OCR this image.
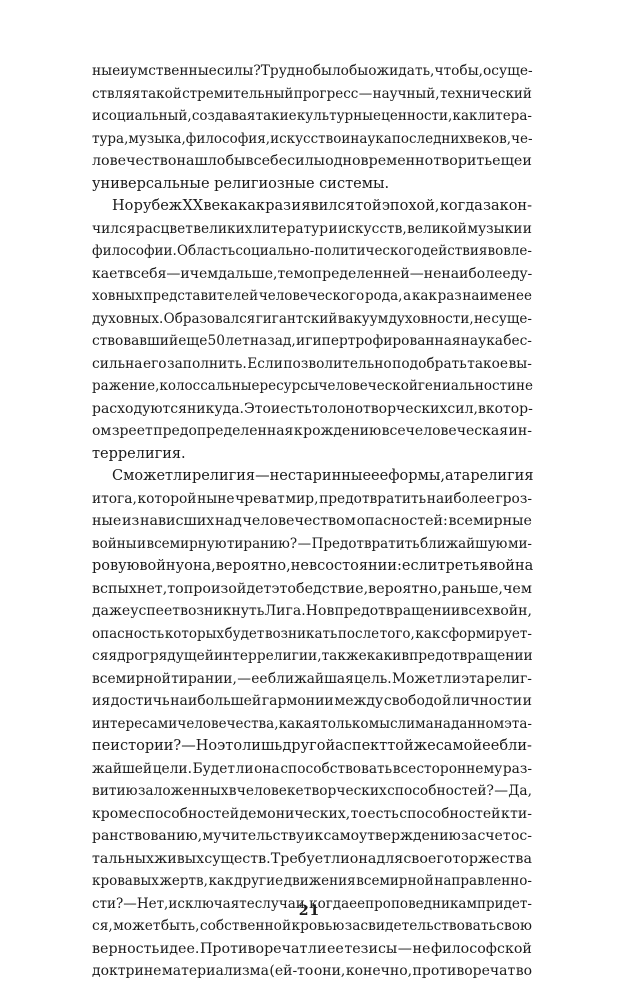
ные и умственные силы? Трудно было бы ожидать, чтобы, осуще-
ствляя такой стремительный прогресс — научный, технический
и социальный, создавая такие культурные ценности, как литера-
тура, музыка, философия, искусство и наука последних веков, че-
ловечество нашло бы в себе силы одновременно творить еще и
универсальные религиозные системы.
Но рубеж XX века как раз и явился той эпохой, когда закон-
чился расцвет великих литератур и искусств, великой музыки и
философии. Область социально-политического действия вовле-
кает в себя — и чем дальше, тем определенней — не наиболее ду-
ховных представителей человеческого рода, а как раз наименее
духовных. Образовался гигантский вакуум духовности, не суще-
ствовавший еще 50 лет назад, и гипертрофированная наука бес-
сильна его заполнить. Если позволительно подобрать такое вы-
ражение, колоссальные ресурсы человеческой гениальности не
расходуются никуда. Это и есть то лоно творческих сил, в котор-
ом зреет предопределенная к рождению всечеловеческая ин-
террелигия.
Сможет ли религия — не старинные ее формы, а та религия
итога, которой ныне чреват мир, предотвратить наиболее гроз-
ные из нависших над человечеством опасностей: всемирные
войны и всемирную тиранию? — Предотвратить ближайшую ми-
ровую войну она, вероятно, не в состоянии: если третья война
вспыхнет, то произойдет это бедствие, вероятно, раньше, чем
даже успеет возникнуть Лига. Но в предотвращении всех войн,
опасность которых будет возникать после того, как сформирует-
ся ядро грядущей интеррелигии, так же как и в предотвращении
всемирной тирании, — ее ближайшая цель. Может ли эта религ-
ия достичь наибольшей гармонии между свободой личности и
интересами человечества, какая только мыслима на данном эта-
пе истории? — Но это лишь другой аспект той же самой ее бли-
жайшей цели. Будет ли она способствовать всестороннему раз-
витию заложенных в человеке творческих способностей? — Да,
кроме способностей демонических, то есть способностей к ти-
ранствованию, мучительству и к самоутверждению за счет ос-
тальных живых существ. Требует ли она для своего торжества
кровавых жертв, как другие движения всемирной направленно-
сти? — Нет, исключая те случаи, когда ее проповедникам придет-
ся, может быть, собственной кровью засвидетельствовать свою
верность идее. Противоречат ли ее тезисы — не философской
доктрине материализма (ей-то они, конечно, противоречат во
21
